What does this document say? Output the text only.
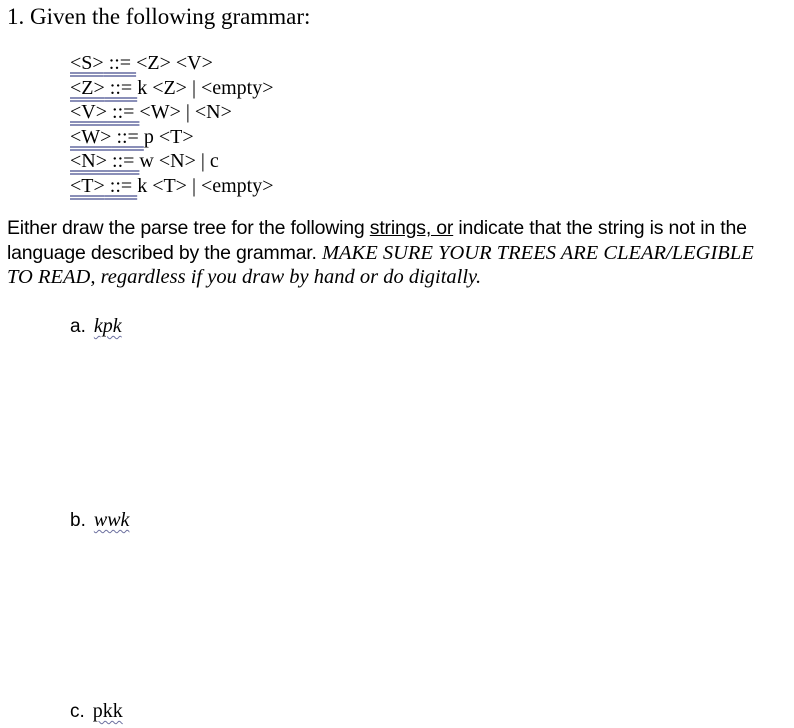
1. Given the following grammar:
<S> ::= <Z> <V>
<Z> ::= k <Z> | <empty>
<V> ::= <W> | <N>
<W> ::= p <T>
<N> ::= w <N> | c
<T> ::= k <T> | <empty>
Either draw the parse tree for the following strings, or indicate that the string is not in the
language described by the grammar. MAKE SURE YOUR TREES ARE CLEAR/LEGIBLE
TO READ, regardless if you draw by hand or do digitally.
a. kpk
b. wwk
c. pkk
